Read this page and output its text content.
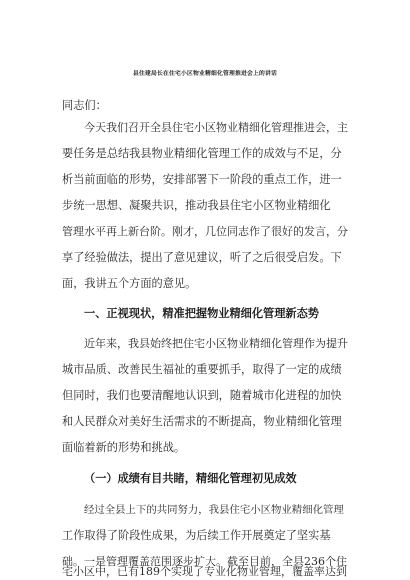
县住建局长在住宅小区物业精细化管理推进会上的讲话
同志们：
今天我们召开全县住宅小区物业精细化管理推进会，主
要任务是总结我县物业精细化管理工作的成效与不足，分
析当前面临的形势，安排部署下一阶段的重点工作，进一
步统一思想、凝聚共识，推动我县住宅小区物业精细化
管理水平再上新台阶。刚才，几位同志作了很好的发言，分
享了经验做法，提出了意见建议，听了之后很受启发。下
面，我讲五个方面的意见。
一、正视现状，精准把握物业精细化管理新态势
近年来，我县始终把住宅小区物业精细化管理作为提升
城市品质、改善民生福祉的重要抓手，取得了一定的成绩
但同时，我们也要清醒地认识到，随着城市化进程的加快
和人民群众对美好生活需求的不断提高，物业精细化管理
面临着新的形势和挑战。
（一）成绩有目共睹，精细化管理初见成效
经过全县上下的共同努力，我县住宅小区物业精细化管理
工作取得了阶段性成果，为后续工作开展奠定了坚实基
础。一是管理覆盖范围逐步扩大。截至目前，全县236个住
宅小区中，已有189个实现了专业化物业管理，覆盖率达到
